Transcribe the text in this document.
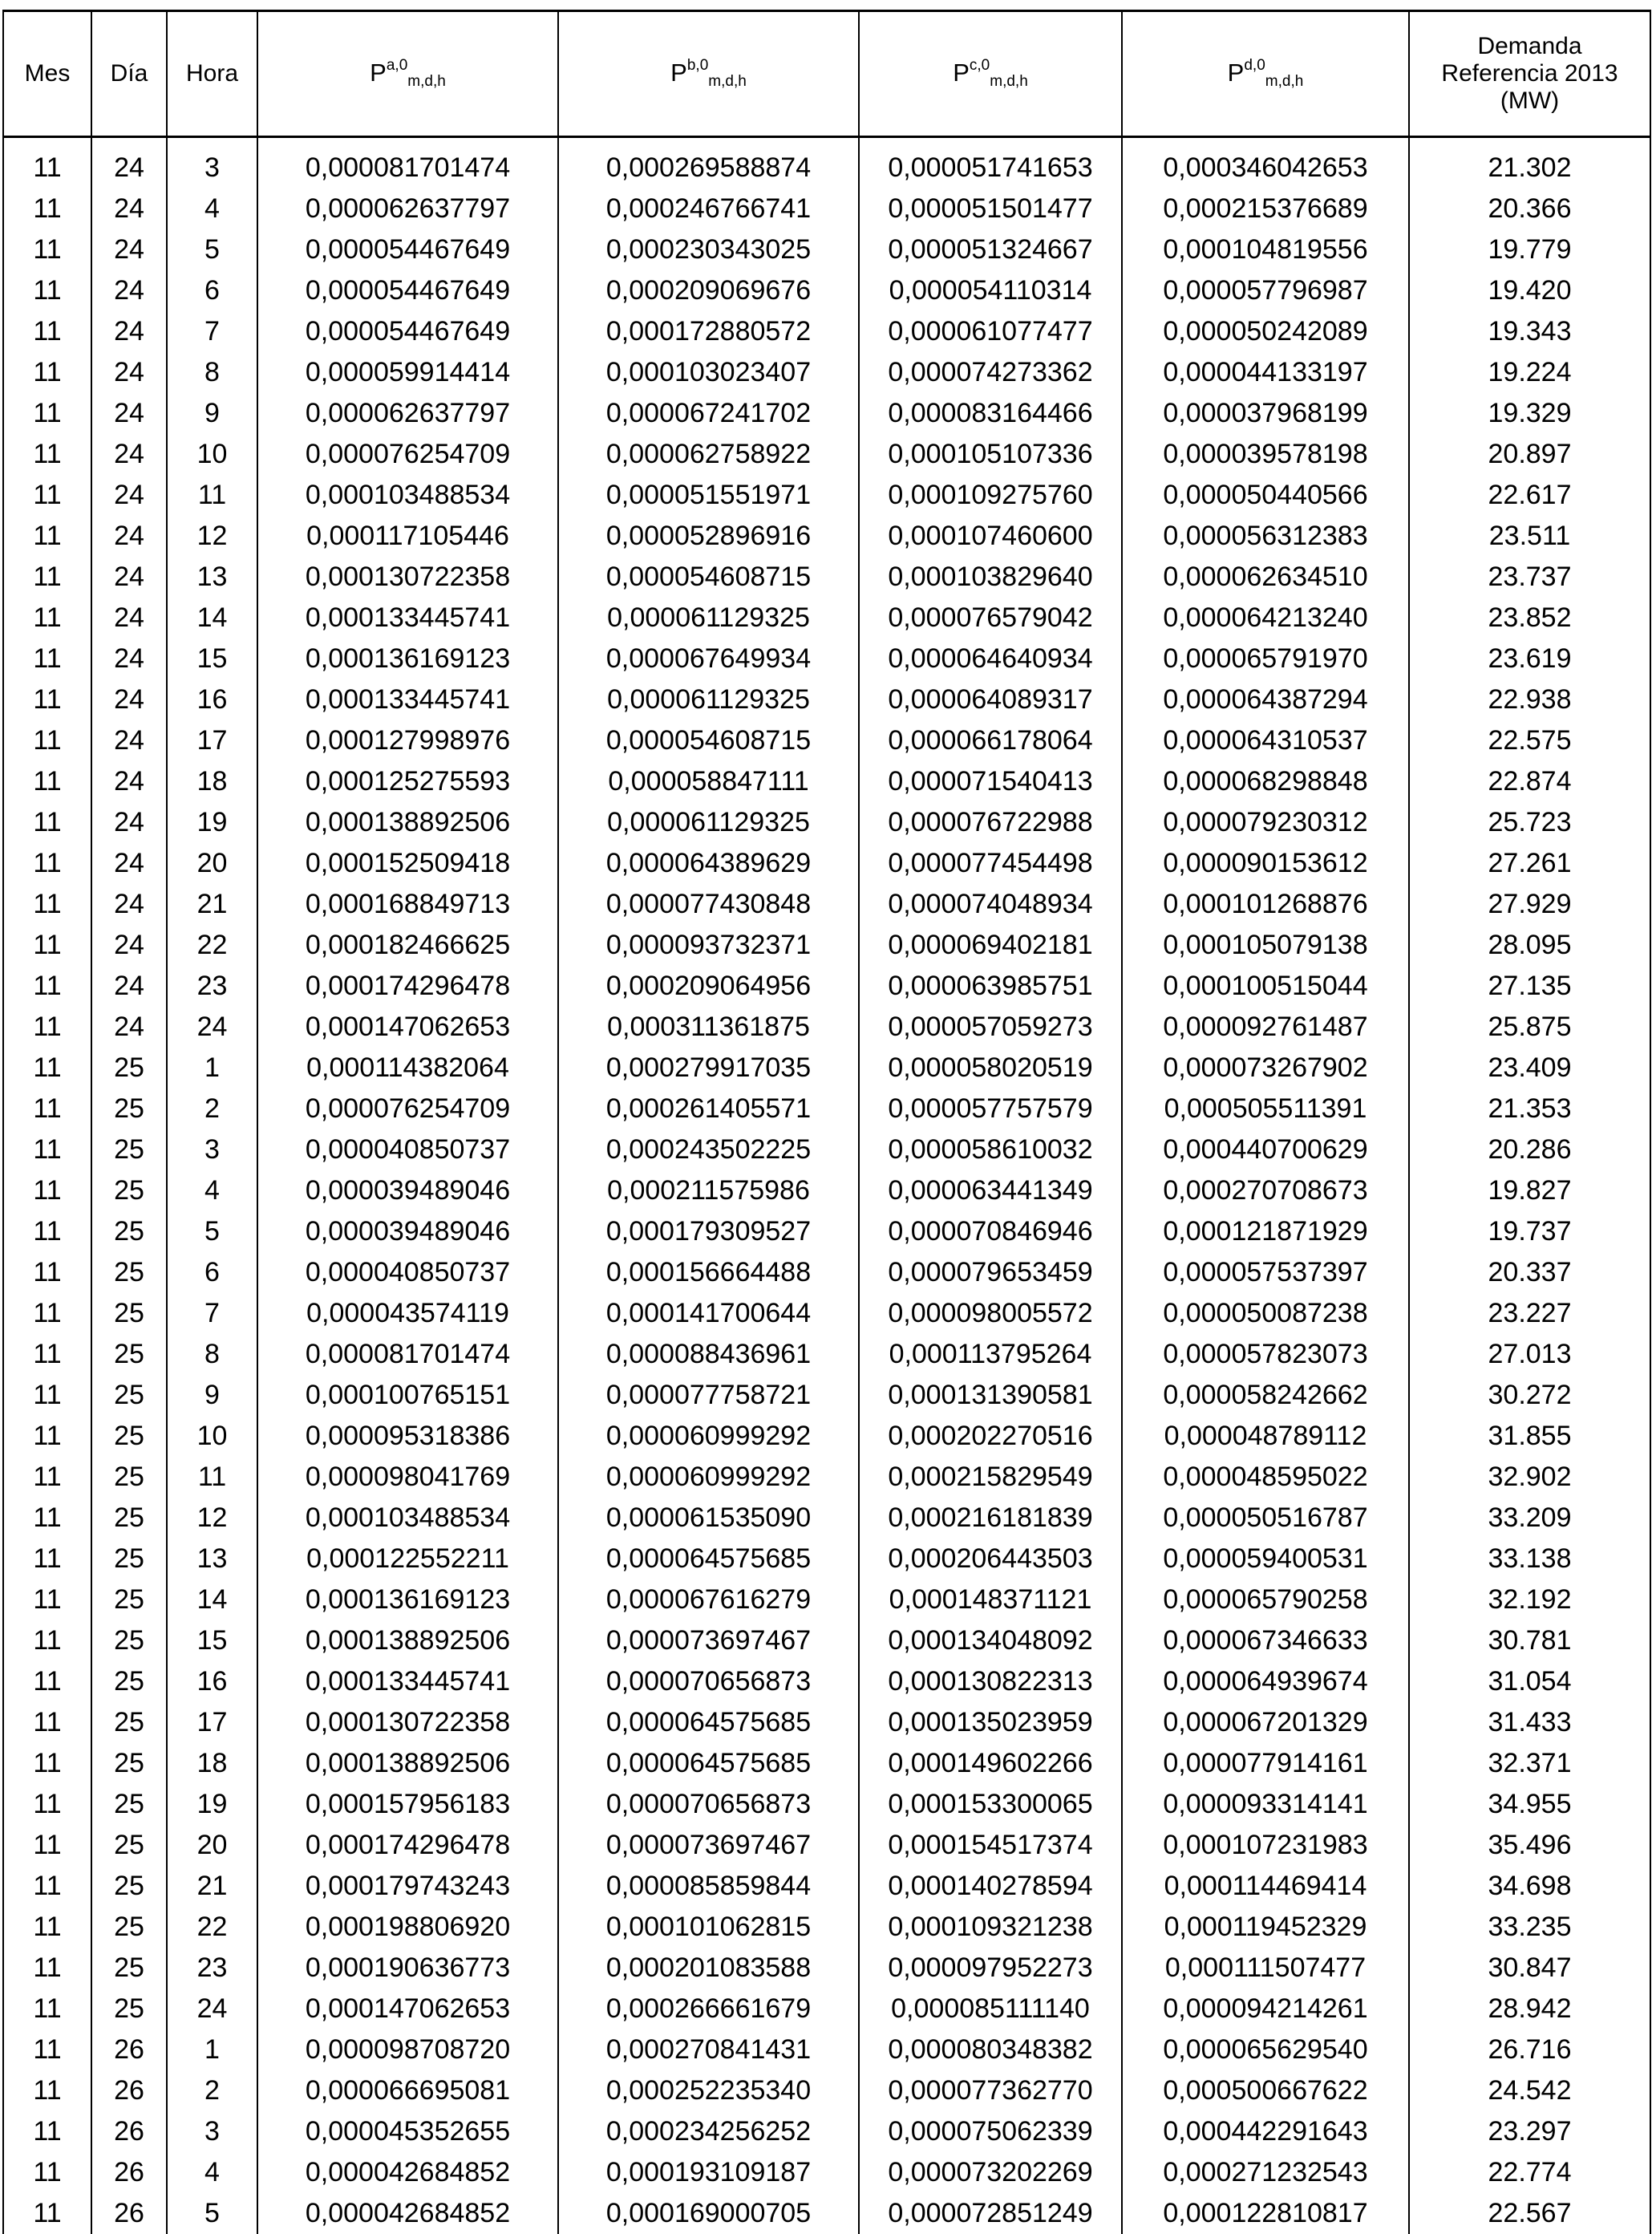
Mes	Día	Hora	P$^{a,0}_{m,d,h}$	P$^{b,0}_{m,d,h}$	P$^{c,0}_{m,d,h}$	P$^{d,0}_{m,d,h}$	Demanda
Referencia 2013
(MW)

11	24	3	0,000081701474	0,000269588874	0,000051741653	0,000346042653	21.302
11	24	4	0,000062637797	0,000246766741	0,000051501477	0,000215376689	20.366
11	24	5	0,000054467649	0,000230343025	0,000051324667	0,000104819556	19.779
11	24	6	0,000054467649	0,000209069676	0,000054110314	0,000057796987	19.420
11	24	7	0,000054467649	0,000172880572	0,000061077477	0,000050242089	19.343
11	24	8	0,000059914414	0,000103023407	0,000074273362	0,000044133197	19.224
11	24	9	0,000062637797	0,000067241702	0,000083164466	0,000037968199	19.329
11	24	10	0,000076254709	0,000062758922	0,000105107336	0,000039578198	20.897
11	24	11	0,000103488534	0,000051551971	0,000109275760	0,000050440566	22.617
11	24	12	0,000117105446	0,000052896916	0,000107460600	0,000056312383	23.511
11	24	13	0,000130722358	0,000054608715	0,000103829640	0,000062634510	23.737
11	24	14	0,000133445741	0,000061129325	0,000076579042	0,000064213240	23.852
11	24	15	0,000136169123	0,000067649934	0,000064640934	0,000065791970	23.619
11	24	16	0,000133445741	0,000061129325	0,000064089317	0,000064387294	22.938
11	24	17	0,000127998976	0,000054608715	0,000066178064	0,000064310537	22.575
11	24	18	0,000125275593	0,000058847111	0,000071540413	0,000068298848	22.874
11	24	19	0,000138892506	0,000061129325	0,000076722988	0,000079230312	25.723
11	24	20	0,000152509418	0,000064389629	0,000077454498	0,000090153612	27.261
11	24	21	0,000168849713	0,000077430848	0,000074048934	0,000101268876	27.929
11	24	22	0,000182466625	0,000093732371	0,000069402181	0,000105079138	28.095
11	24	23	0,000174296478	0,000209064956	0,000063985751	0,000100515044	27.135
11	24	24	0,000147062653	0,000311361875	0,000057059273	0,000092761487	25.875
11	25	1	0,000114382064	0,000279917035	0,000058020519	0,000073267902	23.409
11	25	2	0,000076254709	0,000261405571	0,000057757579	0,000505511391	21.353
11	25	3	0,000040850737	0,000243502225	0,000058610032	0,000440700629	20.286
11	25	4	0,000039489046	0,000211575986	0,000063441349	0,000270708673	19.827
11	25	5	0,000039489046	0,000179309527	0,000070846946	0,000121871929	19.737
11	25	6	0,000040850737	0,000156664488	0,000079653459	0,000057537397	20.337
11	25	7	0,000043574119	0,000141700644	0,000098005572	0,000050087238	23.227
11	25	8	0,000081701474	0,000088436961	0,000113795264	0,000057823073	27.013
11	25	9	0,000100765151	0,000077758721	0,000131390581	0,000058242662	30.272
11	25	10	0,000095318386	0,000060999292	0,000202270516	0,000048789112	31.855
11	25	11	0,000098041769	0,000060999292	0,000215829549	0,000048595022	32.902
11	25	12	0,000103488534	0,000061535090	0,000216181839	0,000050516787	33.209
11	25	13	0,000122552211	0,000064575685	0,000206443503	0,000059400531	33.138
11	25	14	0,000136169123	0,000067616279	0,000148371121	0,000065790258	32.192
11	25	15	0,000138892506	0,000073697467	0,000134048092	0,000067346633	30.781
11	25	16	0,000133445741	0,000070656873	0,000130822313	0,000064939674	31.054
11	25	17	0,000130722358	0,000064575685	0,000135023959	0,000067201329	31.433
11	25	18	0,000138892506	0,000064575685	0,000149602266	0,000077914161	32.371
11	25	19	0,000157956183	0,000070656873	0,000153300065	0,000093314141	34.955
11	25	20	0,000174296478	0,000073697467	0,000154517374	0,000107231983	35.496
11	25	21	0,000179743243	0,000085859844	0,000140278594	0,000114469414	34.698
11	25	22	0,000198806920	0,000101062815	0,000109321238	0,000119452329	33.235
11	25	23	0,000190636773	0,000201083588	0,000097952273	0,000111507477	30.847
11	25	24	0,000147062653	0,000266661679	0,000085111140	0,000094214261	28.942
11	26	1	0,000098708720	0,000270841431	0,000080348382	0,000065629540	26.716
11	26	2	0,000066695081	0,000252235340	0,000077362770	0,000500667622	24.542
11	26	3	0,000045352655	0,000234256252	0,000075062339	0,000442291643	23.297
11	26	4	0,000042684852	0,000193109187	0,000073202269	0,000271232543	22.774
11	26	5	0,000042684852	0,000169000705	0,000072851249	0,000122810817	22.567
